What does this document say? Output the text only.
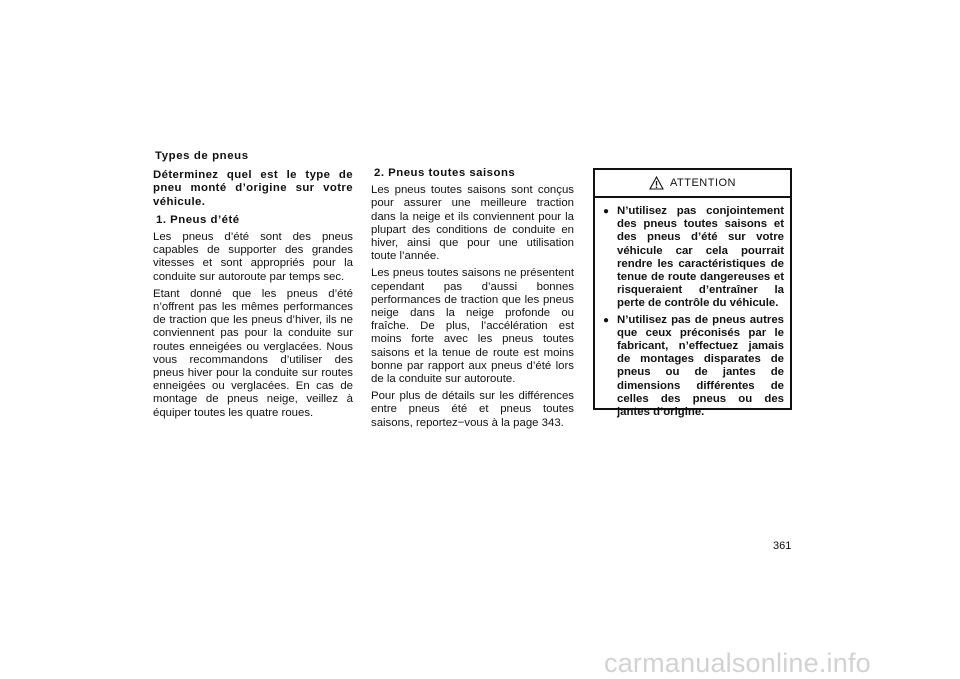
Types de pneus
Déterminez quel est le type de pneu monté d’origine sur votre véhicule.
1. Pneus d’été

Les pneus d’été sont des pneus capables de supporter des grandes vitesses et sont appropriés pour la conduite sur autoroute par temps sec.

Etant donné que les pneus d’été n’offrent pas les mêmes performances de traction que les pneus d’hiver, ils ne conviennent pas pour la conduite sur routes enneigées ou verglacées. Nous vous recommandons d’utiliser des pneus hiver pour la conduite sur routes enneigées ou verglacées. En cas de montage de pneus neige, veillez à équiper toutes les quatre roues.

2. Pneus toutes saisons

Les pneus toutes saisons sont conçus pour assurer une meilleure traction dans la neige et ils conviennent pour la plupart des conditions de conduite en hiver, ainsi que pour une utilisation toute l’année.

Les pneus toutes saisons ne présentent cependant pas d’aussi bonnes performances de traction que les pneus neige dans la neige profonde ou fraîche. De plus, l’accélération est moins forte avec les pneus toutes saisons et la tenue de route est moins bonne par rapport aux pneus d’été lors de la conduite sur autoroute.

Pour plus de détails sur les différences entre pneus été et pneus toutes saisons, reportez−vous à la page 343.

ATTENTION
● N’utilisez pas conjointement des pneus toutes saisons et des pneus d’été sur votre véhicule car cela pourrait rendre les caractéristiques de tenue de route dangereuses et risqueraient d’entraîner la perte de contrôle du véhicule.
● N’utilisez pas de pneus autres que ceux préconisés par le fabricant, n’effectuez jamais de montages disparates de pneus ou de jantes de dimensions différentes de celles des pneus ou des jantes d’origine.
361
carmanualsonline.info
